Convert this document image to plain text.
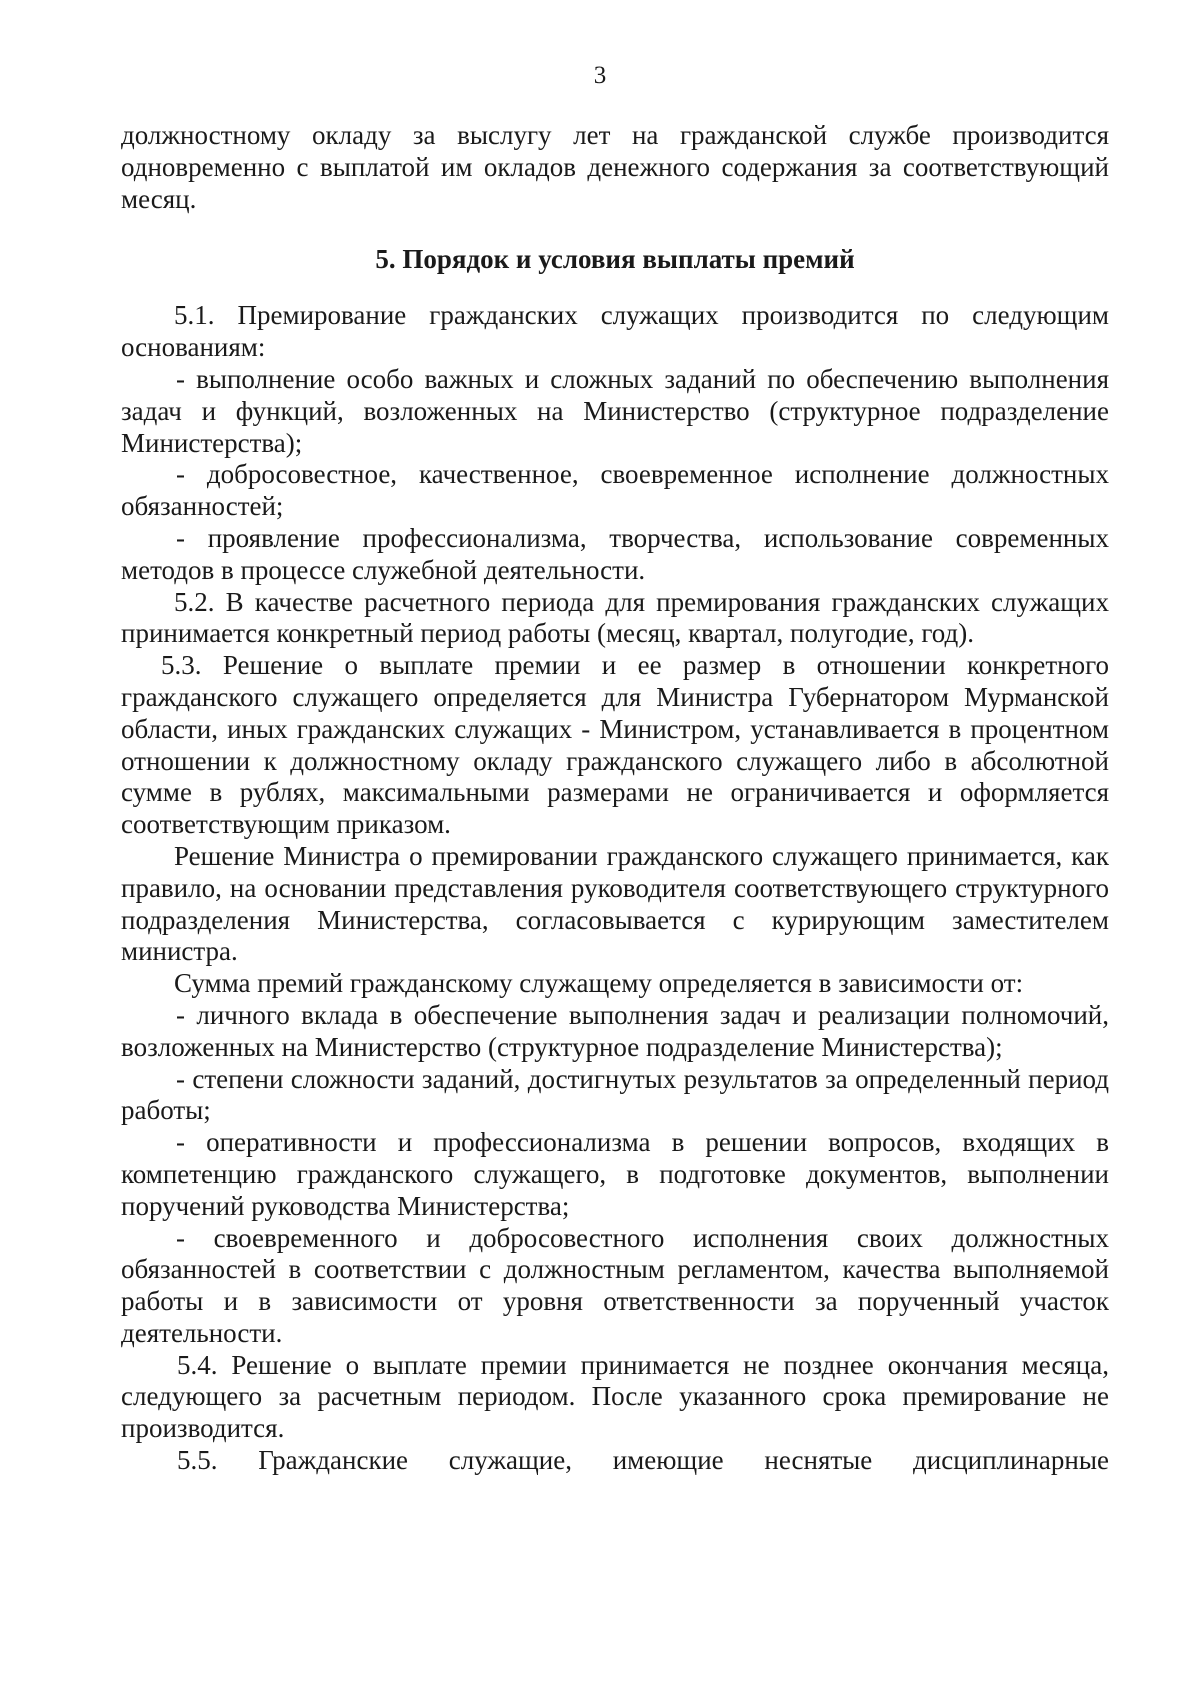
3

должностному окладу за выслугу лет на гражданской службе производится одновременно с выплатой им окладов денежного содержания за соответствующий месяц.

5. Порядок и условия выплаты премий

5.1. Премирование гражданских служащих производится по следующим основаниям:

- выполнение особо важных и сложных заданий по обеспечению выполнения задач и функций, возложенных на Министерство (структурное подразделение Министерства);

- добросовестное, качественное, своевременное исполнение должностных обязанностей;

- проявление профессионализма, творчества, использование современных методов в процессе служебной деятельности.

5.2. В качестве расчетного периода для премирования гражданских служащих принимается конкретный период работы (месяц, квартал, полугодие, год).

5.3. Решение о выплате премии и ее размер в отношении конкретного гражданского служащего определяется для Министра Губернатором Мурманской области, иных гражданских служащих - Министром, устанавливается в процентном отношении к должностному окладу гражданского служащего либо в абсолютной сумме в рублях, максимальными размерами не ограничивается и оформляется соответствующим приказом.

Решение Министра о премировании гражданского служащего принимается, как правило, на основании представления руководителя соответствующего структурного подразделения Министерства, согласовывается с курирующим заместителем министра.

Сумма премий гражданскому служащему определяется в зависимости от:

- личного вклада в обеспечение выполнения задач и реализации полномочий, возложенных на Министерство (структурное подразделение Министерства);

- степени сложности заданий, достигнутых результатов за определенный период работы;

- оперативности и профессионализма в решении вопросов, входящих в компетенцию гражданского служащего, в подготовке документов, выполнении поручений руководства Министерства;

- своевременного и добросовестного исполнения своих должностных обязанностей в соответствии с должностным регламентом, качества выполняемой работы и в зависимости от уровня ответственности за порученный участок деятельности.

5.4. Решение о выплате премии принимается не позднее окончания месяца, следующего за расчетным периодом. После указанного срока премирование не производится.

5.5. Гражданские служащие, имеющие неснятые дисциплинарные
